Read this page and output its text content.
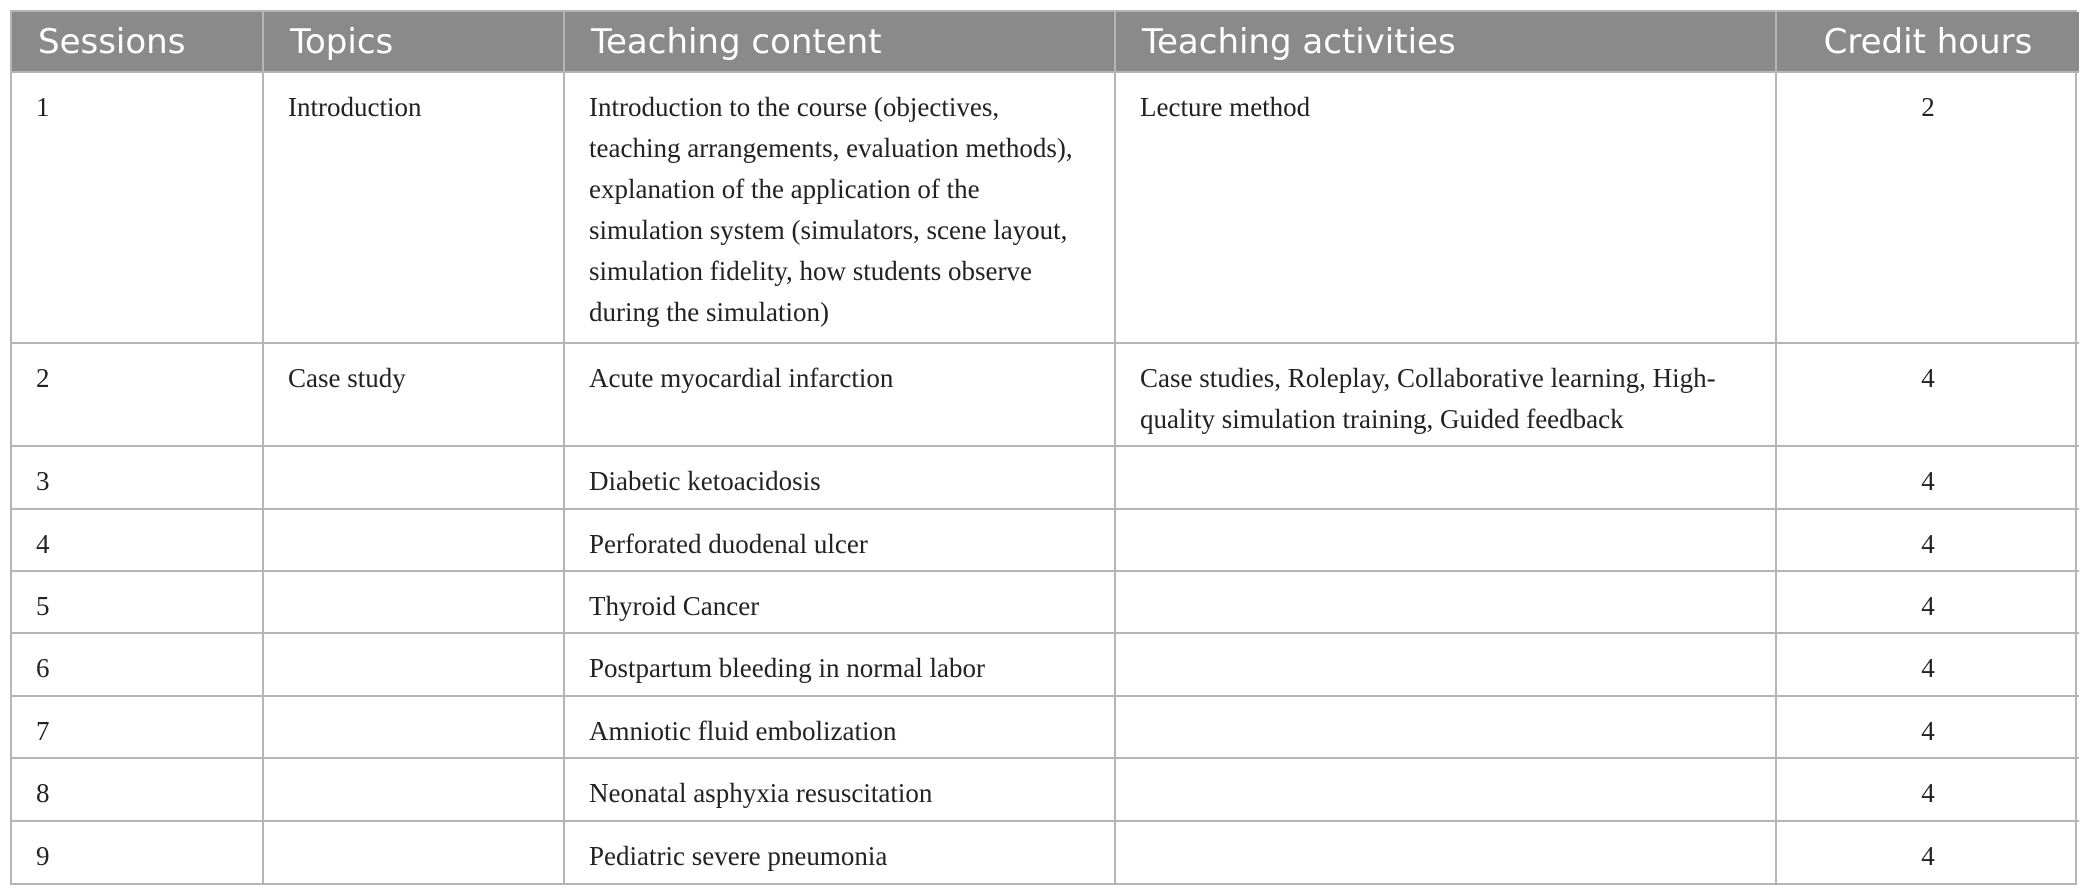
Sessions	Topics	Teaching content	Teaching activities	Credit hours
1	Introduction	Introduction to the course (objectives, teaching arrangements, evaluation methods), explanation of the application of the simulation system (simulators, scene layout, simulation fidelity, how students observe during the simulation)	Lecture method	2
2	Case study	Acute myocardial infarction	Case studies, Roleplay, Collaborative learning, High-quality simulation training, Guided feedback	4
3		Diabetic ketoacidosis		4
4		Perforated duodenal ulcer		4
5		Thyroid Cancer		4
6		Postpartum bleeding in normal labor		4
7		Amniotic fluid embolization		4
8		Neonatal asphyxia resuscitation		4
9		Pediatric severe pneumonia		4
